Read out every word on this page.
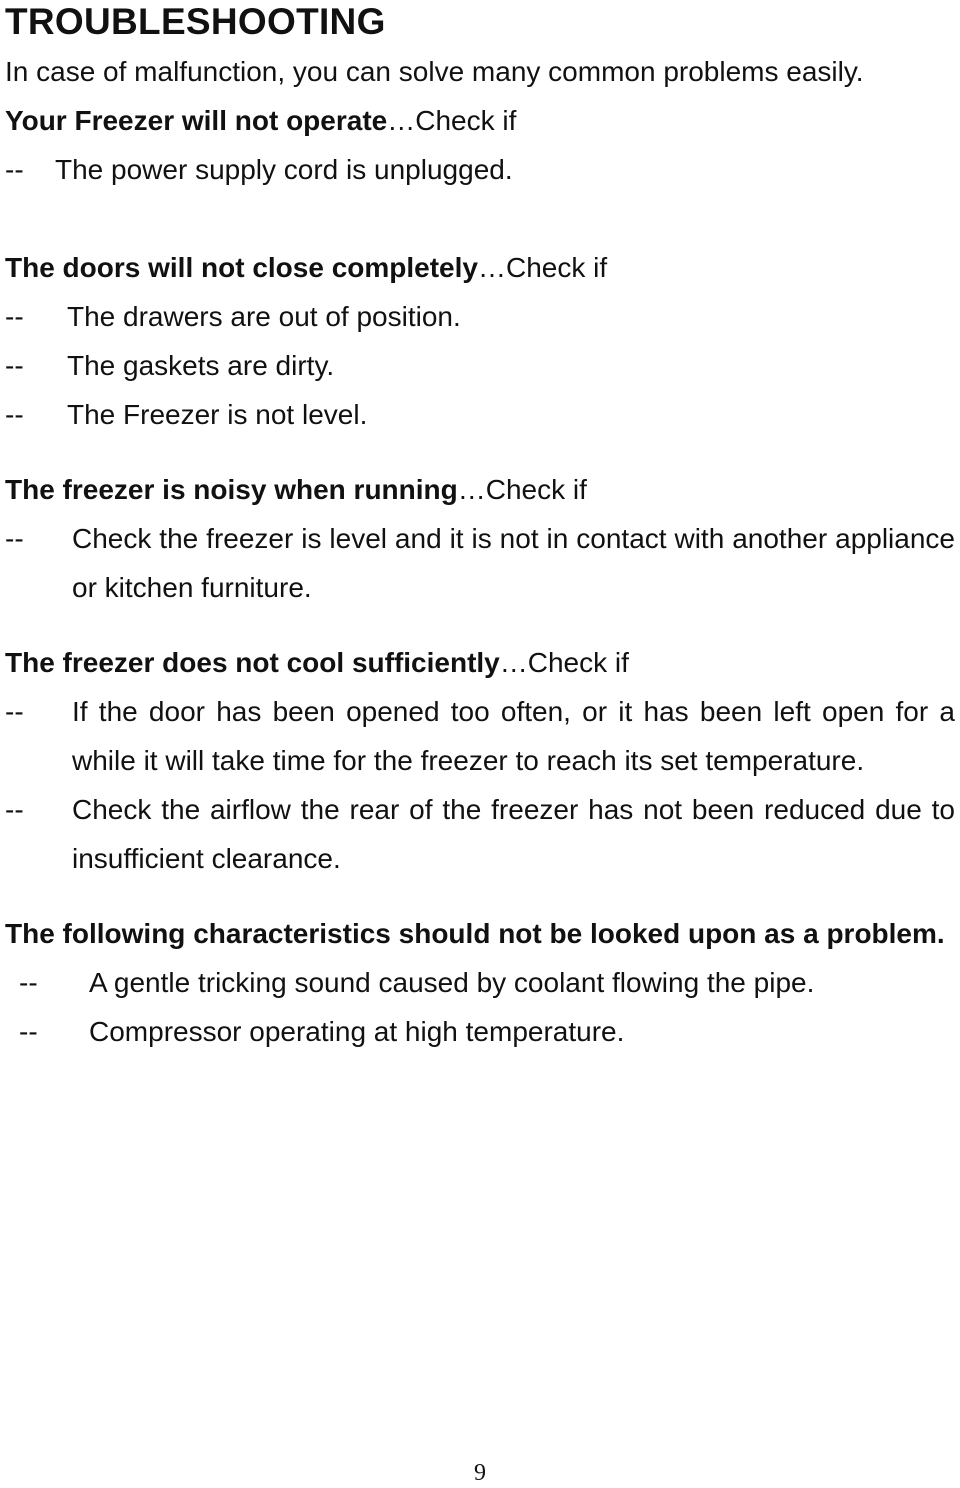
TROUBLESHOOTING

In case of malfunction, you can solve many common problems easily.

Your Freezer will not operate…Check if

--	The power supply cord is unplugged.

The doors will not close completely…Check if

--	The drawers are out of position.
--	The gaskets are dirty.
--	The Freezer is not level.

The freezer is noisy when running…Check if

--	Check the freezer is level and it is not in contact with another appliance or kitchen furniture.

The freezer does not cool sufficiently…Check if

--	If the door has been opened too often, or it has been left open for a while it will take time for the freezer to reach its set temperature.
--	Check the airflow the rear of the freezer has not been reduced due to insufficient clearance.

The following characteristics should not be looked upon as a problem.

--	A gentle tricking sound caused by coolant flowing the pipe.
--	Compressor operating at high temperature.
9
